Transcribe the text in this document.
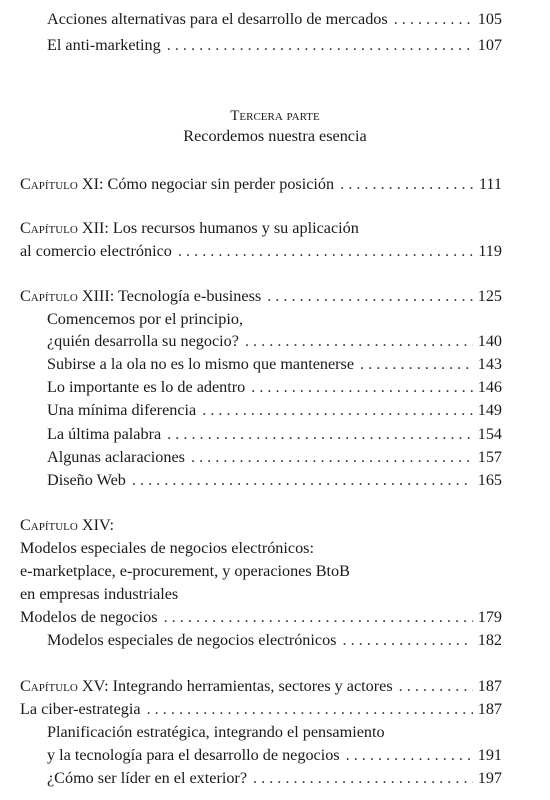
Acciones alternativas para el desarrollo de mercados . . .	105
El anti-marketing . . .	107
Tercera parte
Recordemos nuestra esencia
Capítulo XI: Cómo negociar sin perder posición . . .	111
Capítulo XII: Los recursos humanos y su aplicación
al comercio electrónico . . .	119
Capítulo XIII: Tecnología e-business . . .	125
Comencemos por el principio,
¿quién desarrolla su negocio? . . .	140
Subirse a la ola no es lo mismo que mantenerse . . .	143
Lo importante es lo de adentro . . .	146
Una mínima diferencia . . .	149
La última palabra . . .	154
Algunas aclaraciones . . .	157
Diseño Web . . .	165
Capítulo XIV:
Modelos especiales de negocios electrónicos:
e-marketplace, e-procurement, y operaciones BtoB
en empresas industriales
Modelos de negocios . . .	179
Modelos especiales de negocios electrónicos . . .	182
Capítulo XV: Integrando herramientas, sectores y actores . . .	187
La ciber-estrategia . . .	187
Planificación estratégica, integrando el pensamiento
y la tecnología para el desarrollo de negocios . . .	191
¿Cómo ser líder en el exterior? . . .	197
